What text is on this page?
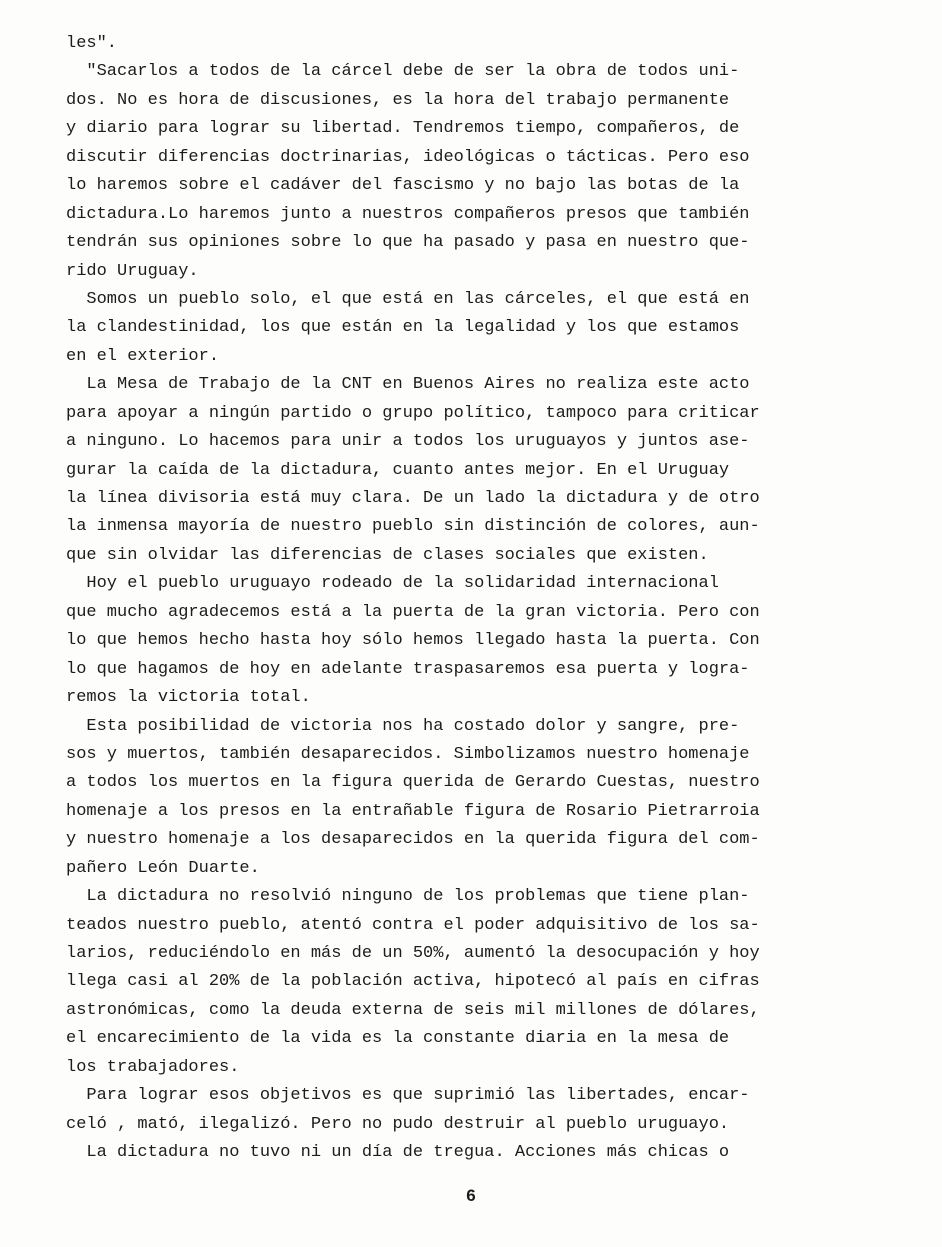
les".
"Sacarlos a todos de la cárcel debe de ser la obra de todos uni-
dos. No es hora de discusiones, es la hora del trabajo permanente
y diario para lograr su libertad. Tendremos tiempo, compañeros, de
discutir diferencias doctrinarias, ideológicas o tácticas. Pero eso
lo haremos sobre el cadáver del fascismo y no bajo las botas de la
dictadura.Lo haremos junto a nuestros compañeros presos que también
tendrán sus opiniones sobre lo que ha pasado y pasa en nuestro que-
rido Uruguay.
Somos un pueblo solo, el que está en las cárceles, el que está en
la clandestinidad, los que están en la legalidad y los que estamos
en el exterior.
La Mesa de Trabajo de la CNT en Buenos Aires no realiza este acto
para apoyar a ningún partido o grupo político, tampoco para criticar
a ninguno. Lo hacemos para unir a todos los uruguayos y juntos ase-
gurar la caída de la dictadura, cuanto antes mejor. En el Uruguay
la línea divisoria está muy clara. De un lado la dictadura y de otro
la inmensa mayoría de nuestro pueblo sin distinción de colores, aun-
que sin olvidar las diferencias de clases sociales que existen.
Hoy el pueblo uruguayo rodeado de la solidaridad internacional
que mucho agradecemos está a la puerta de la gran victoria. Pero con
lo que hemos hecho hasta hoy sólo hemos llegado hasta la puerta. Con
lo que hagamos de hoy en adelante traspasaremos esa puerta y logra-
remos la victoria total.
Esta posibilidad de victoria nos ha costado dolor y sangre, pre-
sos y muertos, también desaparecidos. Simbolizamos nuestro homenaje
a todos los muertos en la figura querida de Gerardo Cuestas, nuestro
homenaje a los presos en la entrañable figura de Rosario Pietrarroia
y nuestro homenaje a los desaparecidos en la querida figura del com-
pañero León Duarte.
La dictadura no resolvió ninguno de los problemas que tiene plan-
teados nuestro pueblo, atentó contra el poder adquisitivo de los sa-
larios, reduciéndolo en más de un 50%, aumentó la desocupación y hoy
llega casi al 20% de la población activa, hipotecó al país en cifras
astronómicas, como la deuda externa de seis mil millones de dólares,
el encarecimiento de la vida es la constante diaria en la mesa de
los trabajadores.
Para lograr esos objetivos es que suprimió las libertades, encar-
celó , mató, ilegalizó. Pero no pudo destruir al pueblo uruguayo.
La dictadura no tuvo ni un día de tregua. Acciones más chicas o
6
